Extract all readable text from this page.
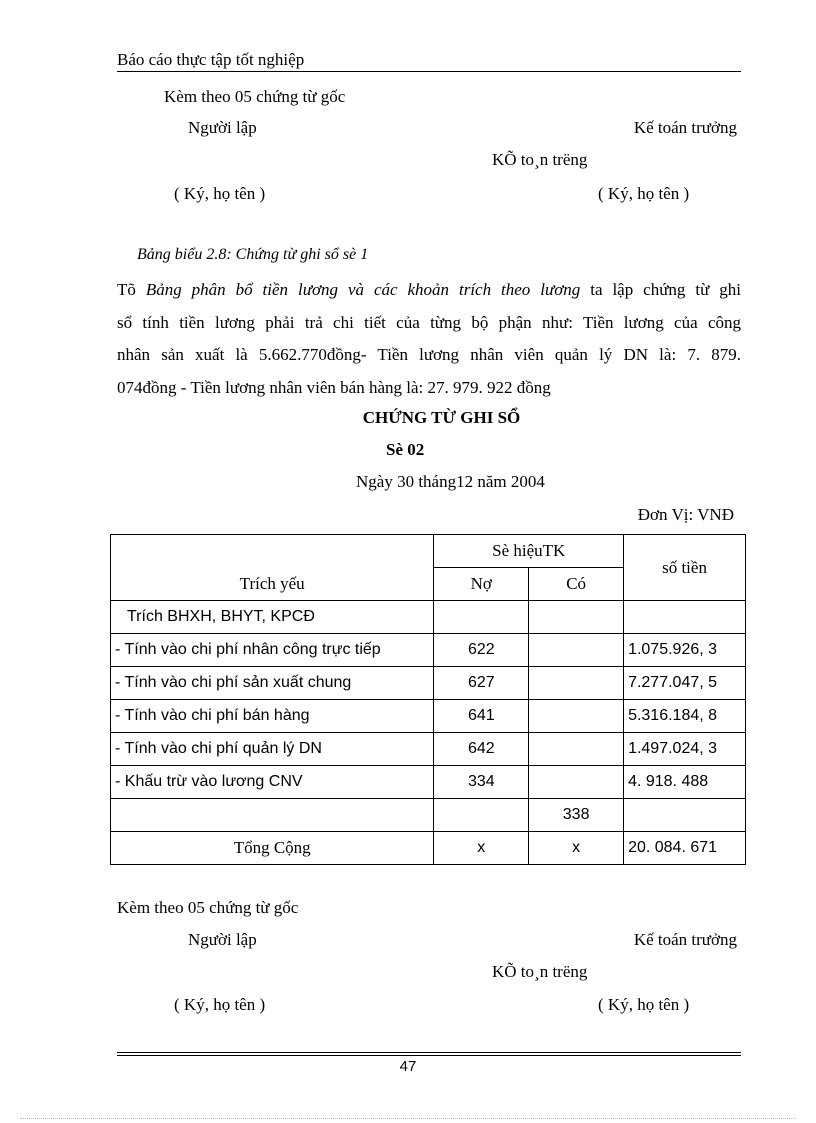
Báo cáo thực tập tốt nghiệp
Kèm theo 05 chứng từ gốc
Người lập	Kế toán trưởng
KÕ to¸n trëng
( Ký, họ tên )	( Ký, họ tên )
Bảng biểu 2.8: Chứng từ ghi sổ sè 1
Tõ Bảng phân bổ tiền lương và các khoản trích theo lương ta lập chứng từ ghi
sổ tính tiền lương phải trả chi tiết của từng bộ phận như: Tiền lương của công
nhân sản xuất là 5.662.770đồng- Tiền lương nhân viên quản lý DN là: 7. 879.
074đồng - Tiền lương nhân viên bán hàng là: 27. 979. 922 đồng
CHỨNG TỪ GHI SỔ
Sè 02
Ngày 30 tháng12 năm 2004
Đơn Vị: VNĐ
Trích yếu	Sè hiệuTK		số tiền
	Nợ	Có	
Trích BHXH, BHYT, KPCĐ			
- Tính vào chi phí nhân công trực tiếp	622		1.075.926, 3
- Tính vào chi phí sản xuất chung	627		7.277.047, 5
- Tính vào chi phí bán hàng	641		5.316.184, 8
- Tính vào chi phí quản lý DN	642		1.497.024, 3
- Khấu trừ vào lương CNV	334		4. 918. 488
		338	
Tổng Cộng	x	x	20. 084. 671
Kèm theo 05 chứng từ gốc
Người lập	Kế toán trưởng
KÕ to¸n trëng
( Ký, họ tên )	( Ký, họ tên )
47
